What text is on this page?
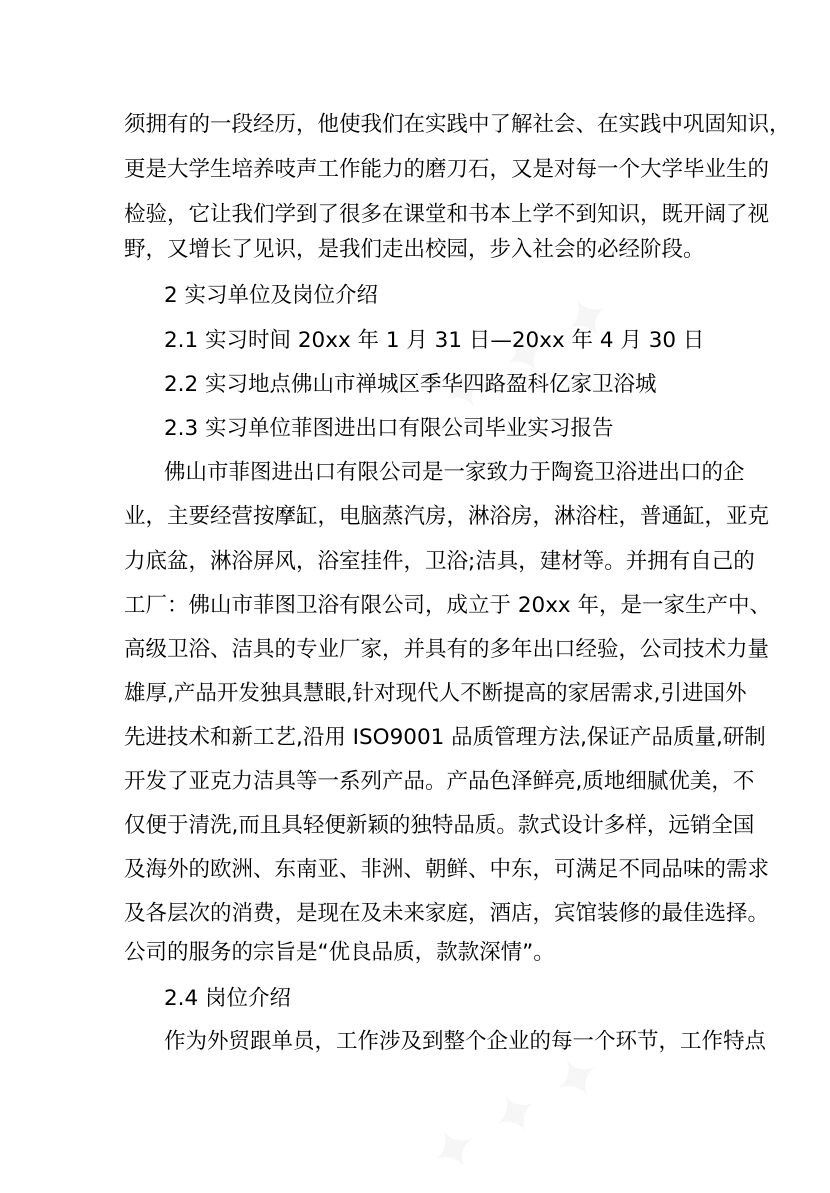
须拥有的一段经历，他使我们在实践中了解社会、在实践中巩固知识，
更是大学生培养吱声工作能力的磨刀石，又是对每一个大学毕业生的
检验，它让我们学到了很多在课堂和书本上学不到知识，既开阔了视
野，又增长了见识，是我们走出校园，步入社会的必经阶段。
2 实习单位及岗位介绍
2.1 实习时间 20xx 年 1 月 31 日—20xx 年 4 月 30 日
2.2 实习地点佛山市禅城区季华四路盈科亿家卫浴城
2.3 实习单位菲图进出口有限公司毕业实习报告
佛山市菲图进出口有限公司是一家致力于陶瓷卫浴进出口的企
业，主要经营按摩缸，电脑蒸汽房，淋浴房，淋浴柱，普通缸，亚克
力底盆，淋浴屏风，浴室挂件，卫浴;洁具，建材等。并拥有自己的
工厂：佛山市菲图卫浴有限公司，成立于 20xx 年，是一家生产中、
高级卫浴、洁具的专业厂家，并具有的多年出口经验，公司技术力量
雄厚,产品开发独具慧眼,针对现代人不断提高的家居需求,引进国外
先进技术和新工艺,沿用 ISO9001 品质管理方法,保证产品质量,研制
开发了亚克力洁具等一系列产品。产品色泽鲜亮,质地细腻优美，不
仅便于清洗,而且具轻便新颖的独特品质。款式设计多样，远销全国
及海外的欧洲、东南亚、非洲、朝鲜、中东，可满足不同品味的需求
及各层次的消费，是现在及未来家庭，酒店，宾馆装修的最佳选择。
公司的服务的宗旨是“优良品质，款款深情”。
2.4 岗位介绍
作为外贸跟单员，工作涉及到整个企业的每一个环节，工作特点
